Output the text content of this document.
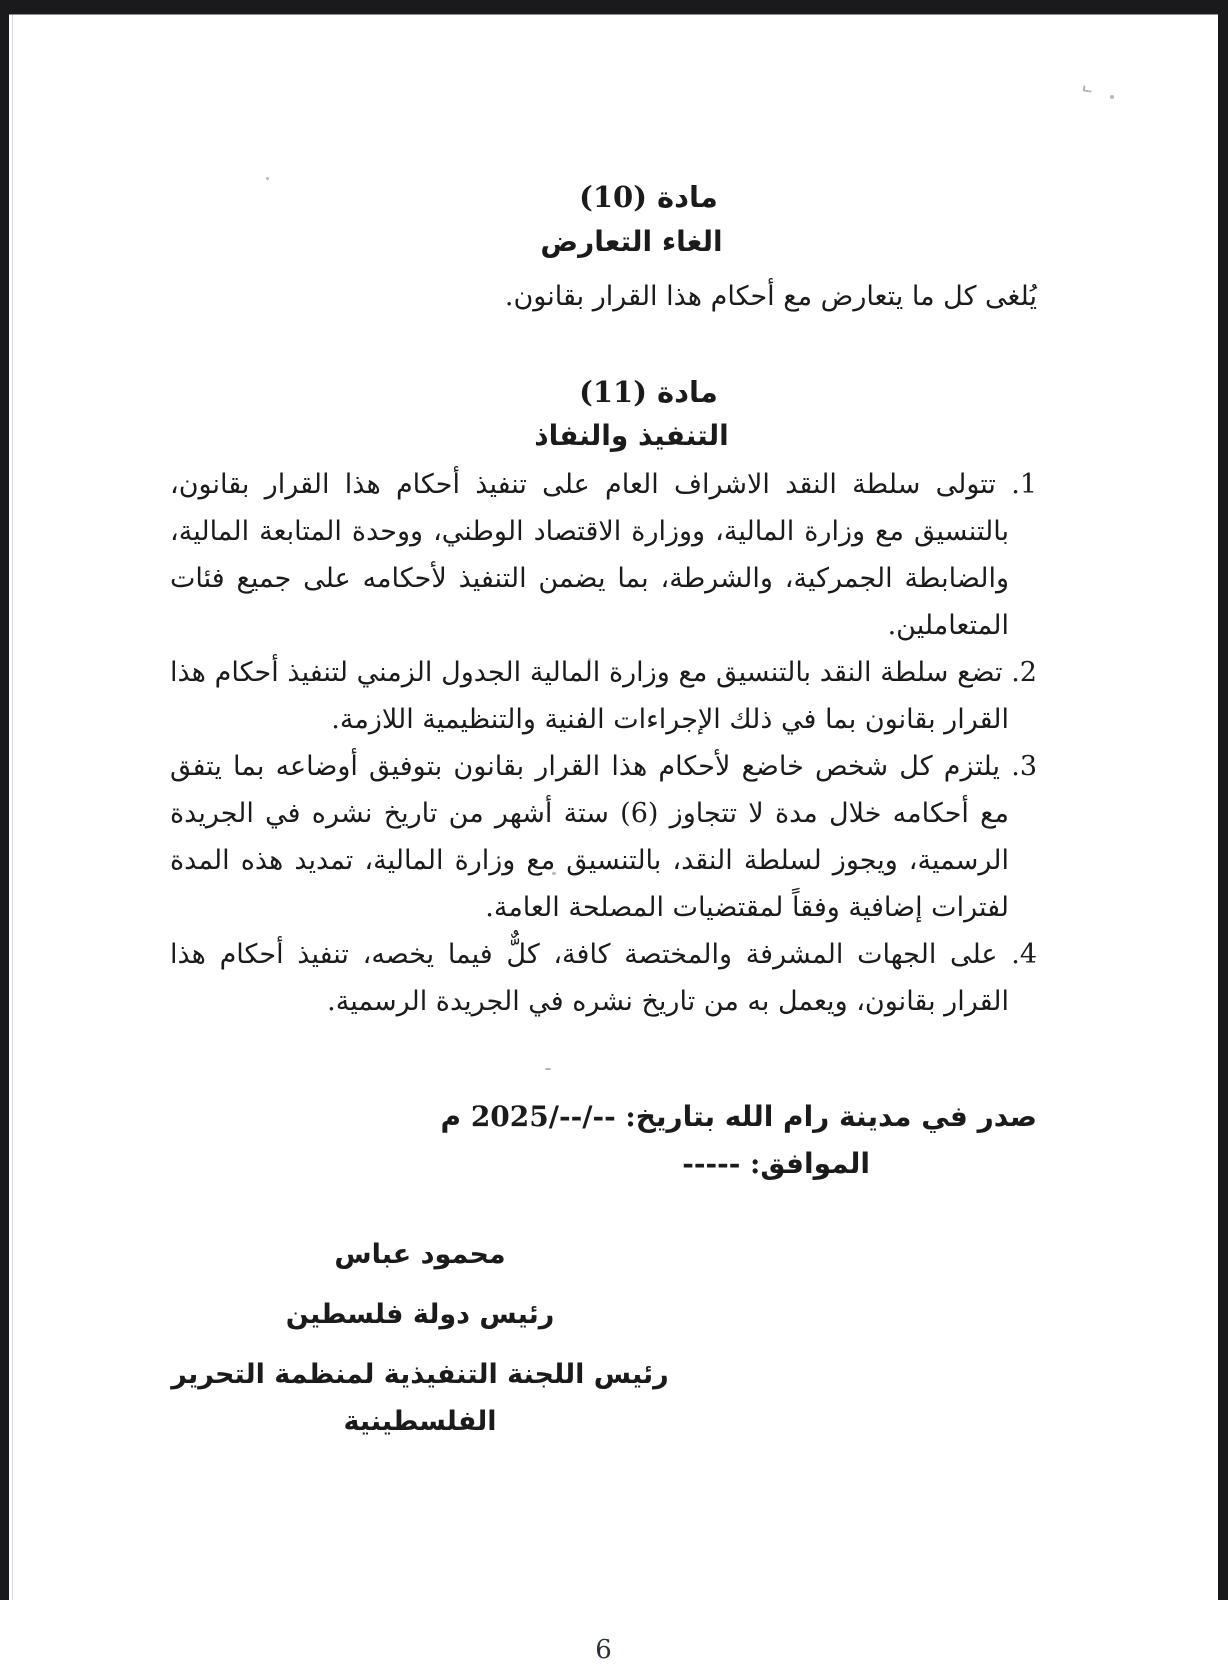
مادة (10)
الغاء التعارض

يُلغى كل ما يتعارض مع أحكام هذا القرار بقانون.

مادة (11)
التنفيذ والنفاذ
1. تتولى سلطة النقد الاشراف العام على تنفيذ أحكام هذا القرار بقانون، بالتنسيق مع وزارة المالية، ووزارة الاقتصاد الوطني، ووحدة المتابعة المالية، والضابطة الجمركية، والشرطة، بما يضمن التنفيذ لأحكامه على جميع فئات المتعاملين.
2. تضع سلطة النقد بالتنسيق مع وزارة المالية الجدول الزمني لتنفيذ أحكام هذا القرار بقانون بما في ذلك الإجراءات الفنية والتنظيمية اللازمة.
3. يلتزم كل شخص خاضع لأحكام هذا القرار بقانون بتوفيق أوضاعه بما يتفق مع أحكامه خلال مدة لا تتجاوز (6) ستة أشهر من تاريخ نشره في الجريدة الرسمية، ويجوز لسلطة النقد، بالتنسيق مع وزارة المالية، تمديد هذه المدة لفترات إضافية وفقاً لمقتضيات المصلحة العامة.
4. على الجهات المشرفة والمختصة كافة، كلٌّ فيما يخصه، تنفيذ أحكام هذا القرار بقانون، ويعمل به من تاريخ نشره في الجريدة الرسمية.
صدر في مدينة رام الله بتاريخ: --/--/2025 م
الموافق: -----
محمود عباس
رئيس دولة فلسطين
رئيس اللجنة التنفيذية لمنظمة التحرير الفلسطينية
6
